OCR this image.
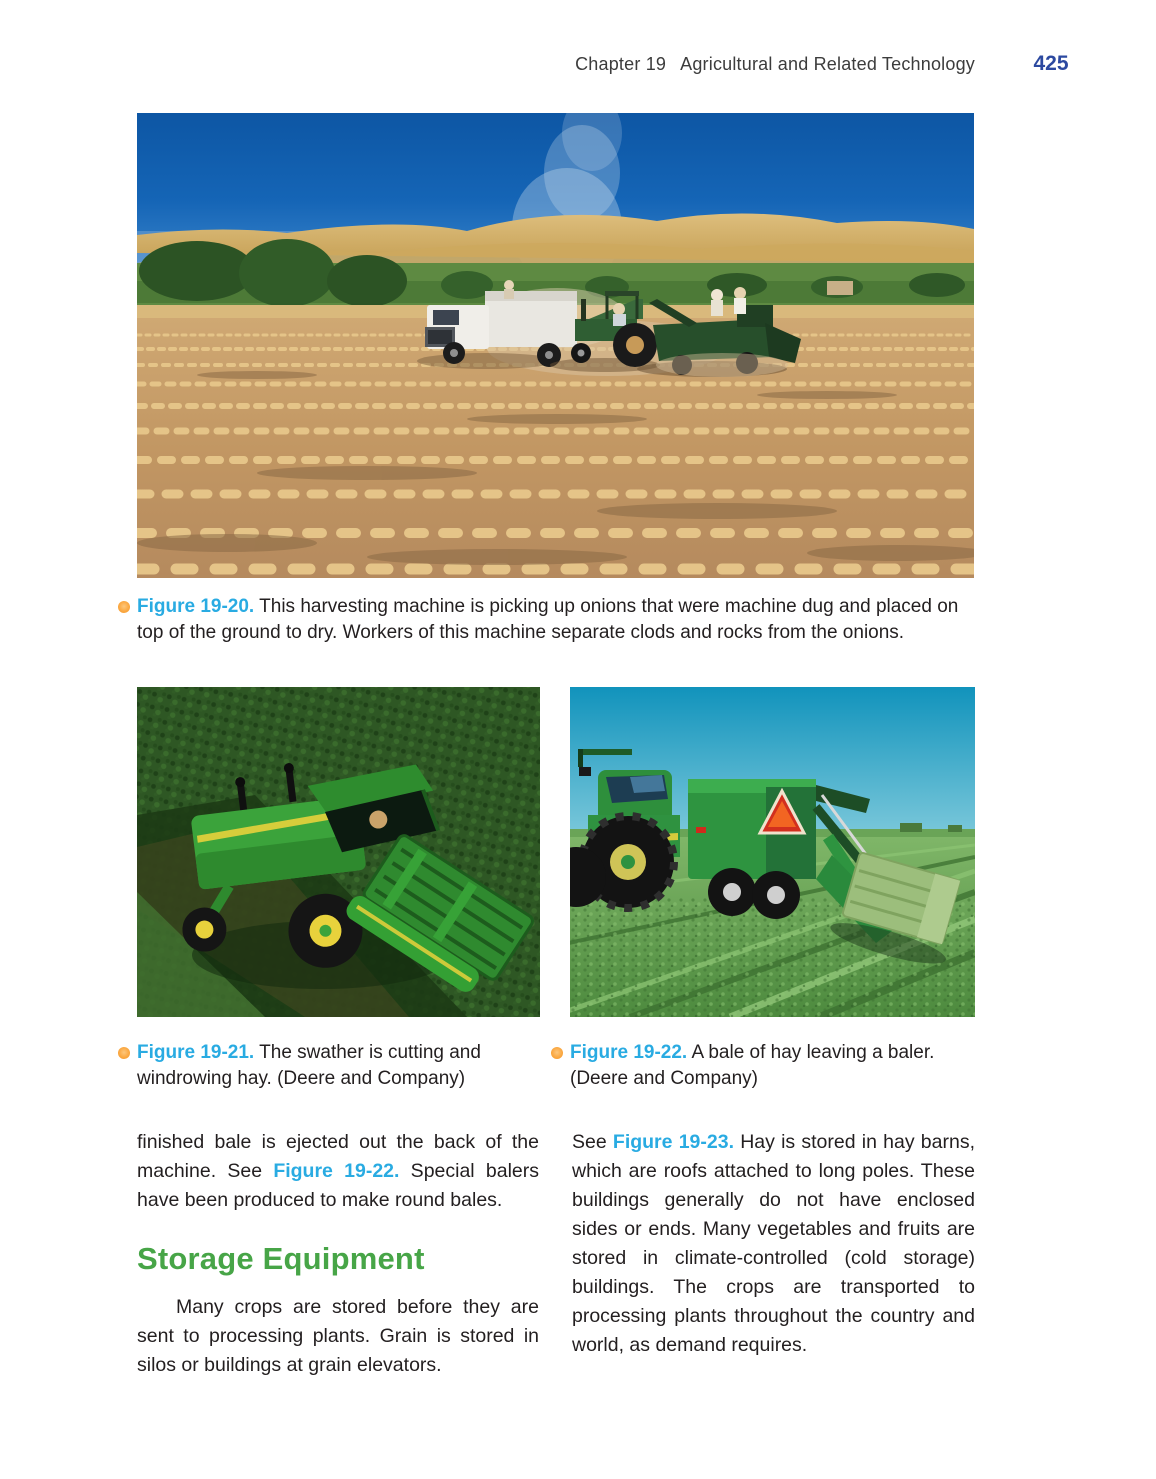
Chapter 19 Agricultural and Related Technology	425
Figure 19-20. This harvesting machine is picking up onions that were machine dug and placed on top of the ground to dry. Workers of this machine separate clods and rocks from the onions.
Figure 19-21. The swather is cutting and windrowing hay. (Deere and Company)
Figure 19-22. A bale of hay leaving a baler. (Deere and Company)

finished bale is ejected out the back of the machine. See Figure 19-22. Special balers have been produced to make round bales.

Storage Equipment

Many crops are stored before they are sent to processing plants. Grain is stored in silos or buildings at grain elevators.

See Figure 19-23. Hay is stored in hay barns, which are roofs attached to long poles. These buildings generally do not have enclosed sides or ends. Many vegetables and fruits are stored in climate-controlled (cold storage) buildings. The crops are transported to processing plants throughout the country and world, as demand requires.
